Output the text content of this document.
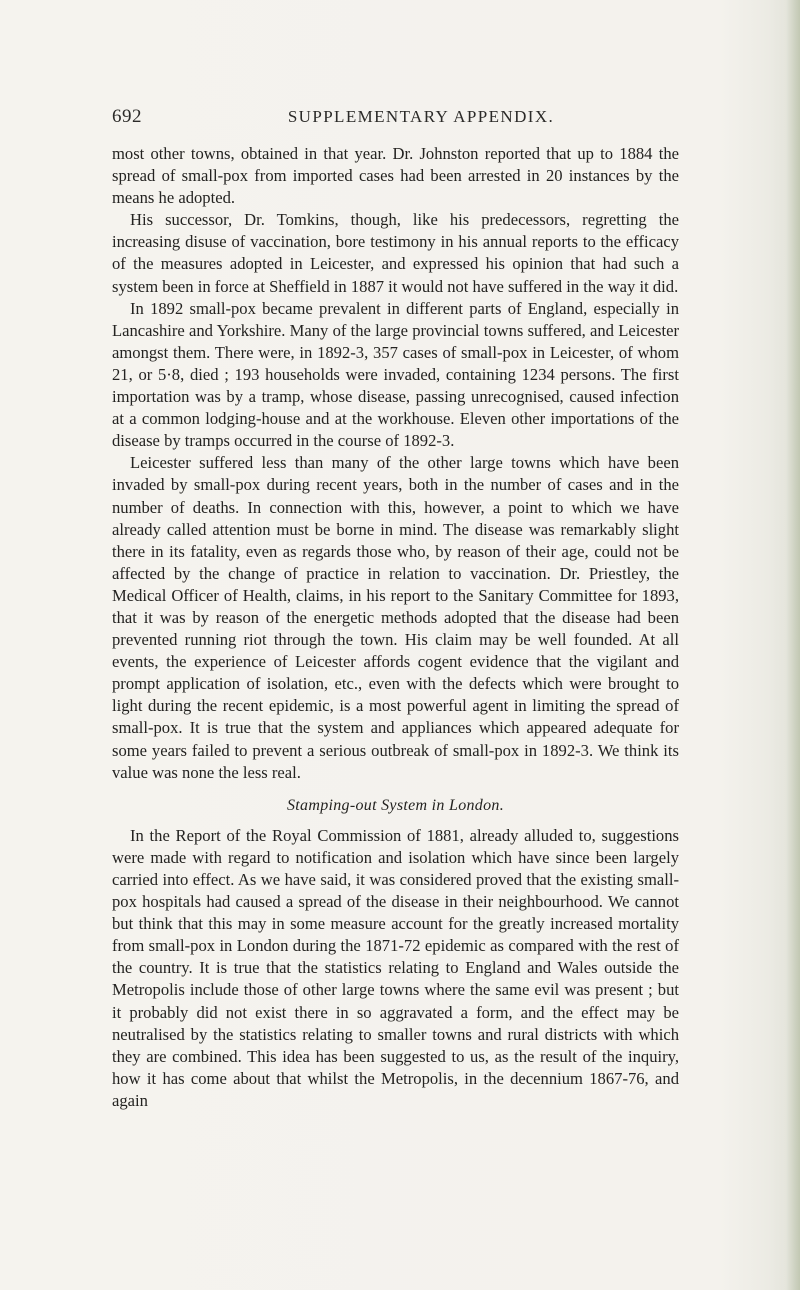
692	SUPPLEMENTARY APPENDIX.

most other towns, obtained in that year. Dr. Johnston reported that up to 1884 the spread of small-pox from imported cases had been arrested in 20 instances by the means he adopted.

His successor, Dr. Tomkins, though, like his predecessors, regretting the increasing disuse of vaccination, bore testimony in his annual reports to the efficacy of the measures adopted in Leicester, and expressed his opinion that had such a system been in force at Sheffield in 1887 it would not have suffered in the way it did.

In 1892 small-pox became prevalent in different parts of England, especially in Lancashire and Yorkshire. Many of the large provincial towns suffered, and Leicester amongst them. There were, in 1892-3, 357 cases of small-pox in Leicester, of whom 21, or 5·8, died ; 193 households were invaded, containing 1234 persons. The first importation was by a tramp, whose disease, passing unrecognised, caused infection at a common lodging-house and at the workhouse. Eleven other importations of the disease by tramps occurred in the course of 1892-3.

Leicester suffered less than many of the other large towns which have been invaded by small-pox during recent years, both in the number of cases and in the number of deaths. In connection with this, however, a point to which we have already called attention must be borne in mind. The disease was remarkably slight there in its fatality, even as regards those who, by reason of their age, could not be affected by the change of practice in relation to vaccination. Dr. Priestley, the Medical Officer of Health, claims, in his report to the Sanitary Committee for 1893, that it was by reason of the energetic methods adopted that the disease had been prevented running riot through the town. His claim may be well founded. At all events, the experience of Leicester affords cogent evidence that the vigilant and prompt application of isolation, etc., even with the defects which were brought to light during the recent epidemic, is a most powerful agent in limiting the spread of small-pox. It is true that the system and appliances which appeared adequate for some years failed to prevent a serious outbreak of small-pox in 1892-3. We think its value was none the less real.

Stamping-out System in London.

In the Report of the Royal Commission of 1881, already alluded to, suggestions were made with regard to notification and isolation which have since been largely carried into effect. As we have said, it was considered proved that the existing small-pox hospitals had caused a spread of the disease in their neighbourhood. We cannot but think that this may in some measure account for the greatly increased mortality from small-pox in London during the 1871-72 epidemic as compared with the rest of the country. It is true that the statistics relating to England and Wales outside the Metropolis include those of other large towns where the same evil was present ; but it probably did not exist there in so aggravated a form, and the effect may be neutralised by the statistics relating to smaller towns and rural districts with which they are combined. This idea has been suggested to us, as the result of the inquiry, how it has come about that whilst the Metropolis, in the decennium 1867-76, and again
